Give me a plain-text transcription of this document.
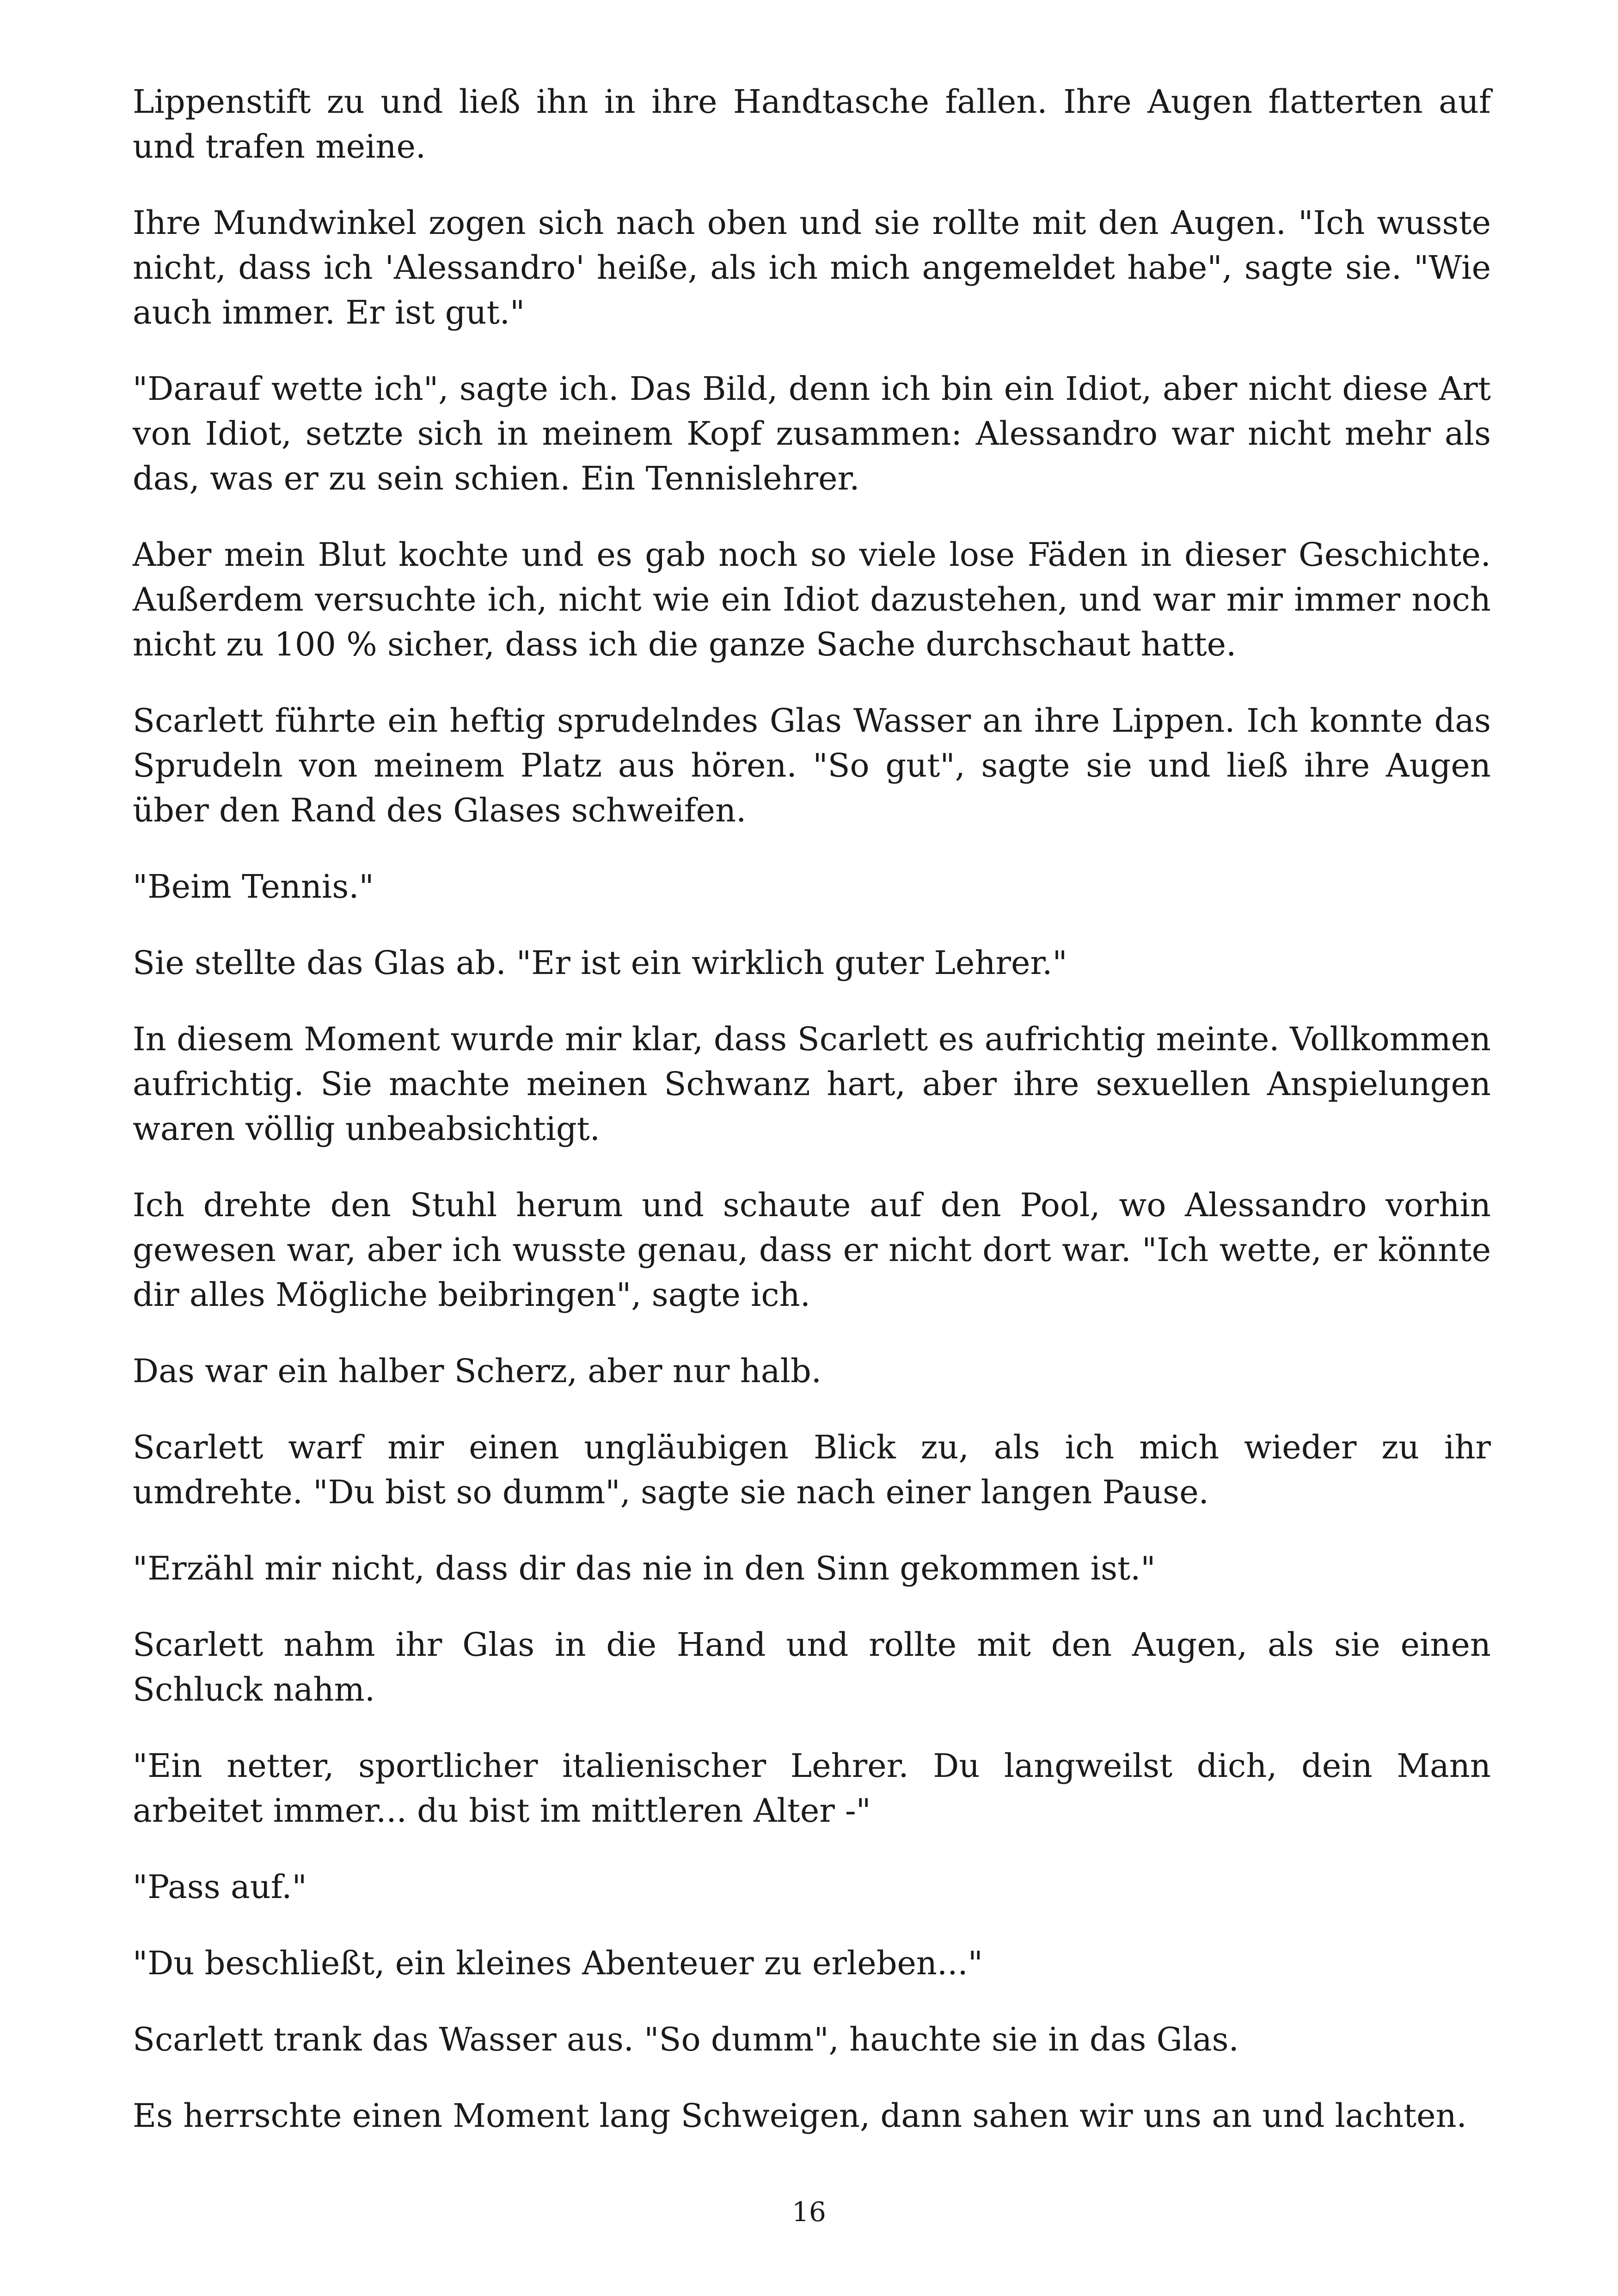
Lippenstift zu und ließ ihn in ihre Handtasche fallen. Ihre Augen flatterten auf und trafen meine.

Ihre Mundwinkel zogen sich nach oben und sie rollte mit den Augen. "Ich wusste nicht, dass ich 'Alessandro' heiße, als ich mich angemeldet habe", sagte sie. "Wie auch immer. Er ist gut."

"Darauf wette ich", sagte ich. Das Bild, denn ich bin ein Idiot, aber nicht diese Art von Idiot, setzte sich in meinem Kopf zusammen: Alessandro war nicht mehr als das, was er zu sein schien. Ein Tennislehrer.

Aber mein Blut kochte und es gab noch so viele lose Fäden in dieser Geschichte. Außerdem versuchte ich, nicht wie ein Idiot dazustehen, und war mir immer noch nicht zu 100 % sicher, dass ich die ganze Sache durchschaut hatte.

Scarlett führte ein heftig sprudelndes Glas Wasser an ihre Lippen. Ich konnte das Sprudeln von meinem Platz aus hören. "So gut", sagte sie und ließ ihre Augen über den Rand des Glases schweifen.

"Beim Tennis."

Sie stellte das Glas ab. "Er ist ein wirklich guter Lehrer."

In diesem Moment wurde mir klar, dass Scarlett es aufrichtig meinte. Vollkommen aufrichtig. Sie machte meinen Schwanz hart, aber ihre sexuellen Anspielungen waren völlig unbeabsichtigt.

Ich drehte den Stuhl herum und schaute auf den Pool, wo Alessandro vorhin gewesen war, aber ich wusste genau, dass er nicht dort war. "Ich wette, er könnte dir alles Mögliche beibringen", sagte ich.

Das war ein halber Scherz, aber nur halb.

Scarlett warf mir einen ungläubigen Blick zu, als ich mich wieder zu ihr umdrehte. "Du bist so dumm", sagte sie nach einer langen Pause.

"Erzähl mir nicht, dass dir das nie in den Sinn gekommen ist."

Scarlett nahm ihr Glas in die Hand und rollte mit den Augen, als sie einen Schluck nahm.

"Ein netter, sportlicher italienischer Lehrer. Du langweilst dich, dein Mann arbeitet immer... du bist im mittleren Alter -"

"Pass auf."

"Du beschließt, ein kleines Abenteuer zu erleben..."

Scarlett trank das Wasser aus. "So dumm", hauchte sie in das Glas.

Es herrschte einen Moment lang Schweigen, dann sahen wir uns an und lachten.

16
